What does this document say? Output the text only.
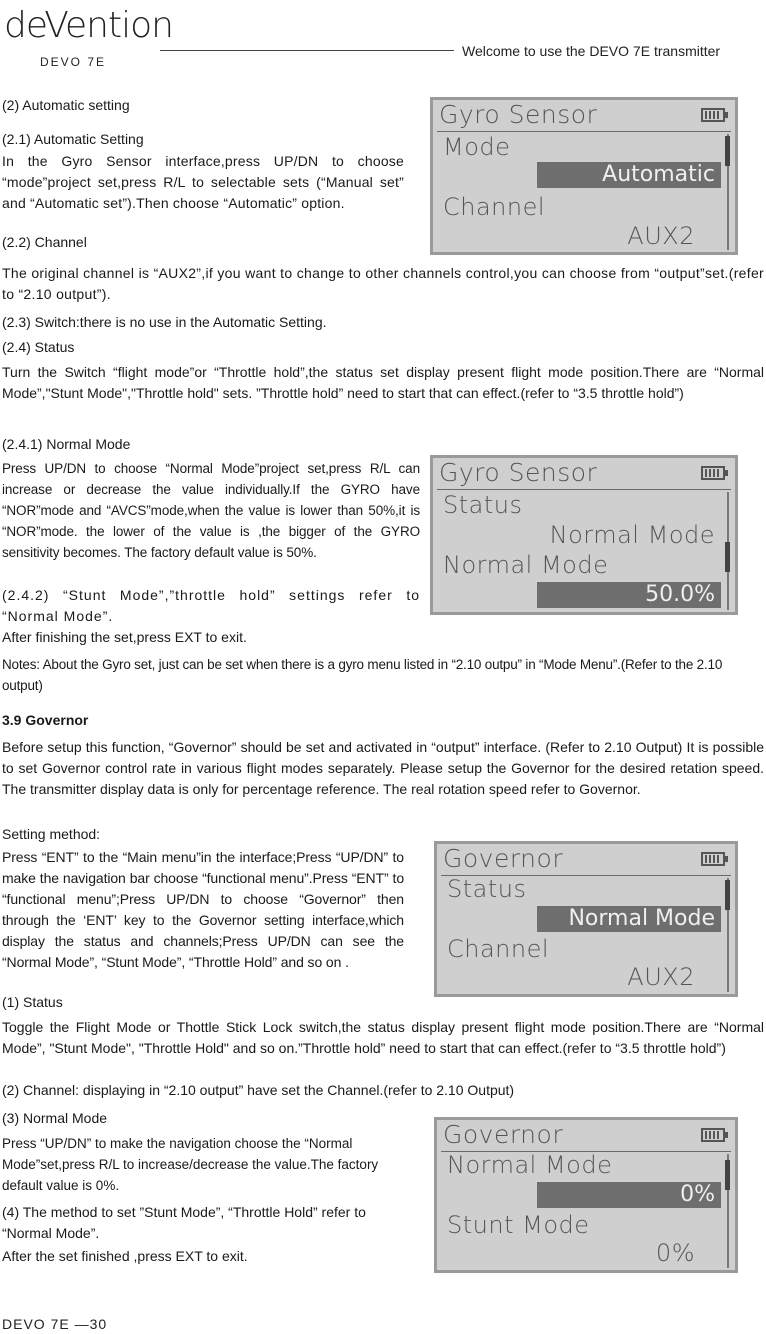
deVention
DEVO 7E
Welcome to use the DEVO 7E transmitter

(2) Automatic setting

(2.1) Automatic Setting

In the Gyro Sensor interface,press UP/DN to choose “mode”project set,press R/L to selectable sets (“Manual set” and “Automatic set”).Then choose “Automatic” option.

(2.2) Channel

The original channel is “AUX2”,if you want to change to other channels control,you can choose from “output”set.(refer to “2.10 output”).

(2.3) Switch:there is no use in the Automatic Setting.

(2.4) Status

Turn the Switch “flight mode”or “Throttle hold”,the status set display present flight mode position.There are “Normal Mode”,"Stunt Mode","Throttle hold" sets. ”Throttle hold” need to start that can effect.(refer to “3.5 throttle hold”)

(2.4.1) Normal Mode

Press UP/DN to choose “Normal Mode”project set,press R/L can increase or decrease the value individually.If the GYRO have “NOR”mode and “AVCS”mode,when the value is lower than 50%,it is “NOR”mode. the lower of the value is ,the bigger of the GYRO sensitivity becomes. The factory default value is 50%.

(2.4.2) “Stunt Mode”,”throttle hold” settings refer to “Normal Mode”.

After finishing the set,press EXT to exit.

Notes: About the Gyro set, just can be set when there is a gyro menu listed in “2.10 outpu” in “Mode Menu”.(Refer to the 2.10 output)

3.9 Governor

Before setup this function, “Governor” should be set and activated in “output” interface. (Refer to 2.10 Output) It is possible to set Governor control rate in various flight modes separately. Please setup the Governor for the desired retation speed. The transmitter display data is only for percentage reference. The real rotation speed refer to Governor.

Setting method:

Press “ENT” to the “Main menu”in the interface;Press “UP/DN” to make the navigation bar choose “functional menu”.Press “ENT” to “functional menu”;Press UP/DN to choose “Governor” then through the ‘ENT’ key to the Governor setting interface,which display the status and channels;Press UP/DN can see the “Normal Mode”, “Stunt Mode”, “Throttle Hold” and so on .

(1) Status

Toggle the Flight Mode or Thottle Stick Lock switch,the status display present flight mode position.There are “Normal Mode”, "Stunt Mode", "Throttle Hold" and so on.”Throttle hold” need to start that can effect.(refer to “3.5 throttle hold”)

(2) Channel: displaying in “2.10 output” have set the Channel.(refer to 2.10 Output)

(3) Normal Mode

Press “UP/DN” to make the navigation choose the “Normal Mode”set,press R/L to increase/decrease the value.The factory default value is 0%.

(4) The method to set ”Stunt Mode”, “Throttle Hold” refer to “Normal Mode”.

After the set finished ,press EXT to exit.

Gyro Sensor
Mode
Automatic
Channel
AUX2
Gyro Sensor
Status
Normal Mode
Normal Mode
50.0%
Governor
Status
Normal Mode
Channel
AUX2
Governor
Normal Mode
0%
Stunt Mode
0%
DEVO 7E —30
